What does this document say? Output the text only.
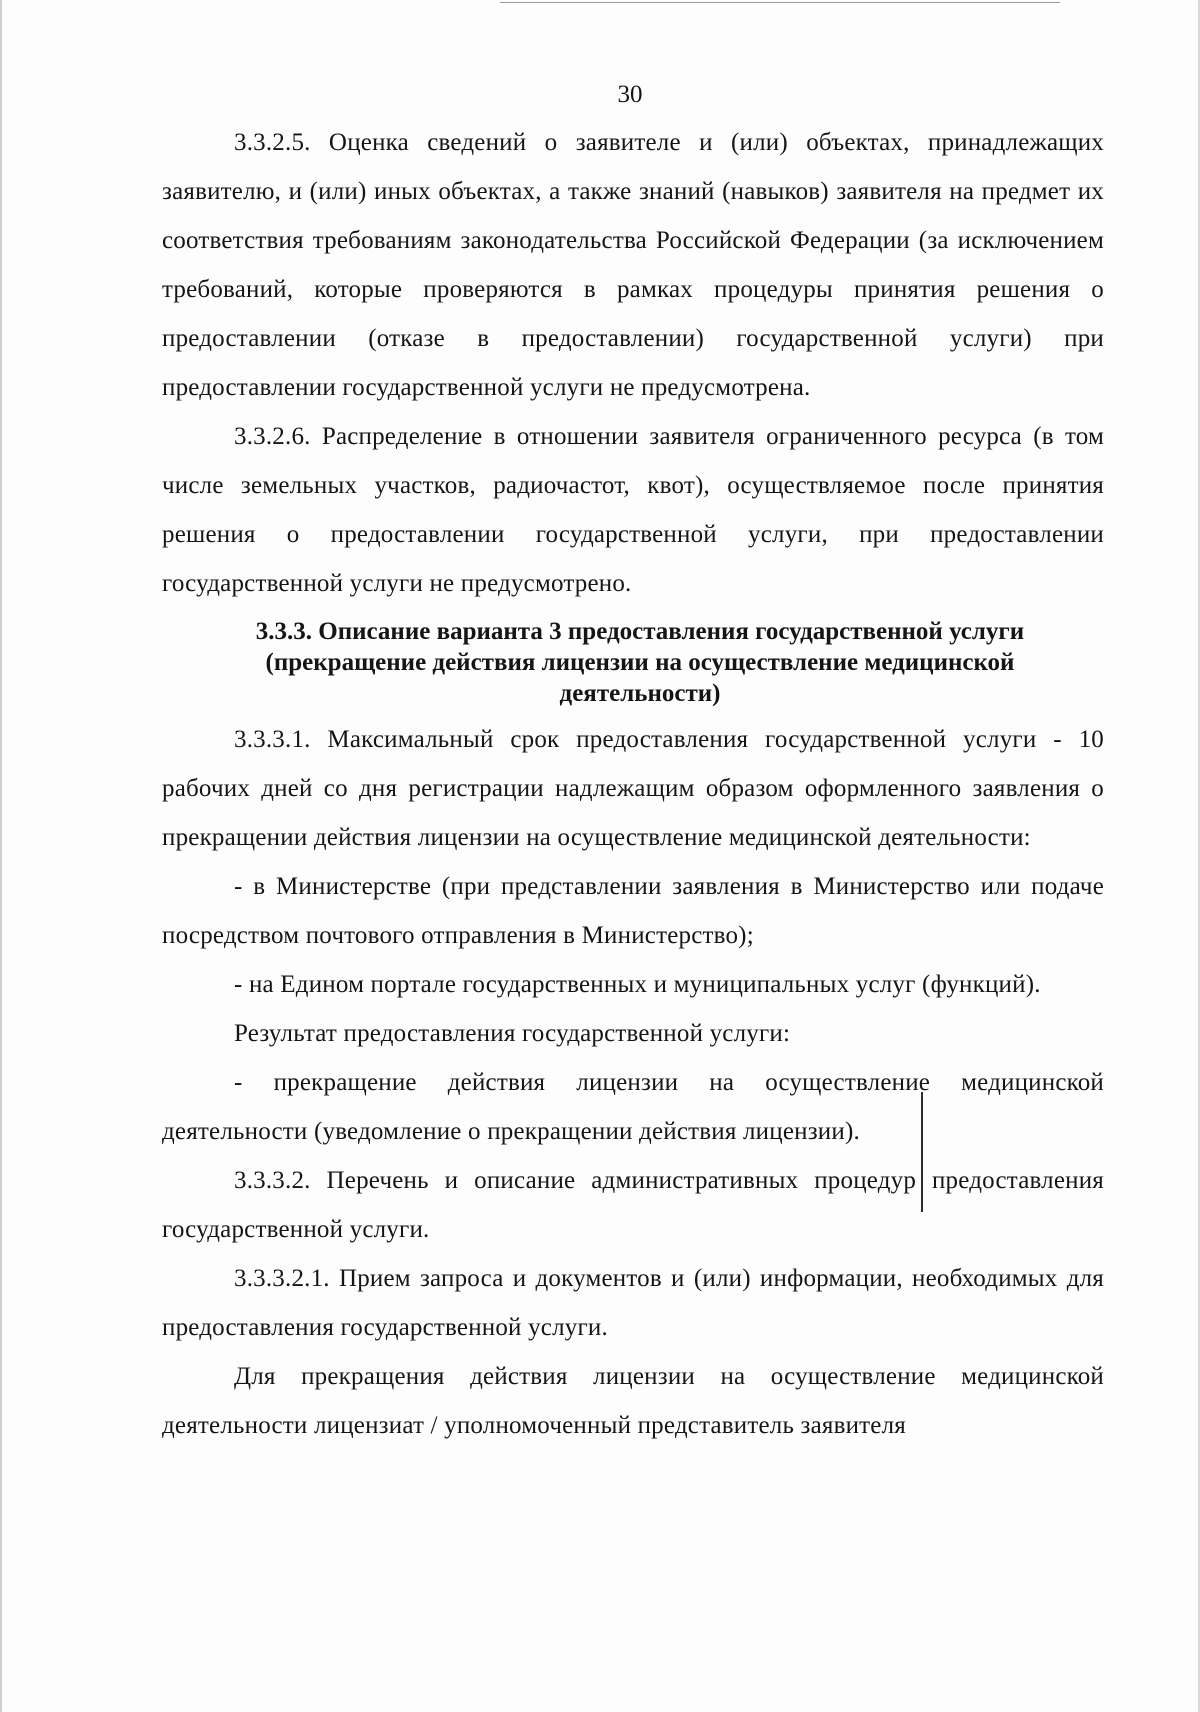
30

3.3.2.5. Оценка сведений о заявителе и (или) объектах, принадлежащих заявителю, и (или) иных объектах, а также знаний (навыков) заявителя на предмет их соответствия требованиям законодательства Российской Федерации (за исключением требований, которые проверяются в рамках процедуры принятия решения о предоставлении (отказе в предоставлении) государственной услуги) при предоставлении государственной услуги не предусмотрена.

3.3.2.6. Распределение в отношении заявителя ограниченного ресурса (в том числе земельных участков, радиочастот, квот), осуществляемое после принятия решения о предоставлении государственной услуги, при предоставлении государственной услуги не предусмотрено.

3.3.3. Описание варианта 3 предоставления государственной услуги (прекращение действия лицензии на осуществление медицинской деятельности)

3.3.3.1. Максимальный срок предоставления государственной услуги - 10 рабочих дней со дня регистрации надлежащим образом оформленного заявления о прекращении действия лицензии на осуществление медицинской деятельности:

- в Министерстве (при представлении заявления в Министерство или подаче посредством почтового отправления в Министерство);

- на Едином портале государственных и муниципальных услуг (функций).

Результат предоставления государственной услуги:

- прекращение действия лицензии на осуществление медицинской деятельности (уведомление о прекращении действия лицензии).

3.3.3.2. Перечень и описание административных процедур предоставления государственной услуги.

3.3.3.2.1. Прием запроса и документов и (или) информации, необходимых для предоставления государственной услуги.

Для прекращения действия лицензии на осуществление медицинской деятельности лицензиат / уполномоченный представитель заявителя
